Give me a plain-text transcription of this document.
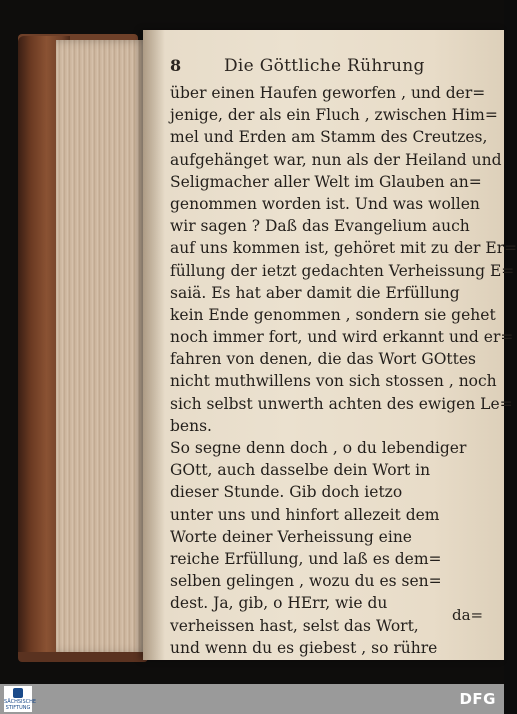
8	Die Göttliche Rührung
über einen Haufen geworfen , und der=
jenige, der als ein Fluch , zwischen Him=
mel und Erden am Stamm des Creutzes,
aufgehänget war, nun als der Heiland und
Seligmacher aller Welt im Glauben an=
genommen worden ist. Und was wollen
wir sagen ? Daß das Evangelium auch
auf uns kommen ist, gehöret mit zu der Er=
füllung der ietzt gedachten Verheissung E=
saiä. Es hat aber damit die Erfüllung
kein Ende genommen , sondern sie gehet
noch immer fort, und wird erkannt und er=
fahren von denen, die das Wort GOttes
nicht muthwillens von sich stossen , noch
sich selbst unwerth achten des ewigen Le=
bens.
So segne denn doch , o du lebendiger
GOtt, auch dasselbe dein Wort in
dieser Stunde. Gib doch ietzo
unter uns und hinfort allezeit dem
Worte deiner Verheissung eine
reiche Erfüllung, und laß es dem=
selben gelingen , wozu du es sen=
dest. Ja, gib, o HErr, wie du
verheissen hast, selst das Wort,
und wenn du es giebest , so rühre
da=
SÄCHSISCHE STIFTUNG	DFG
